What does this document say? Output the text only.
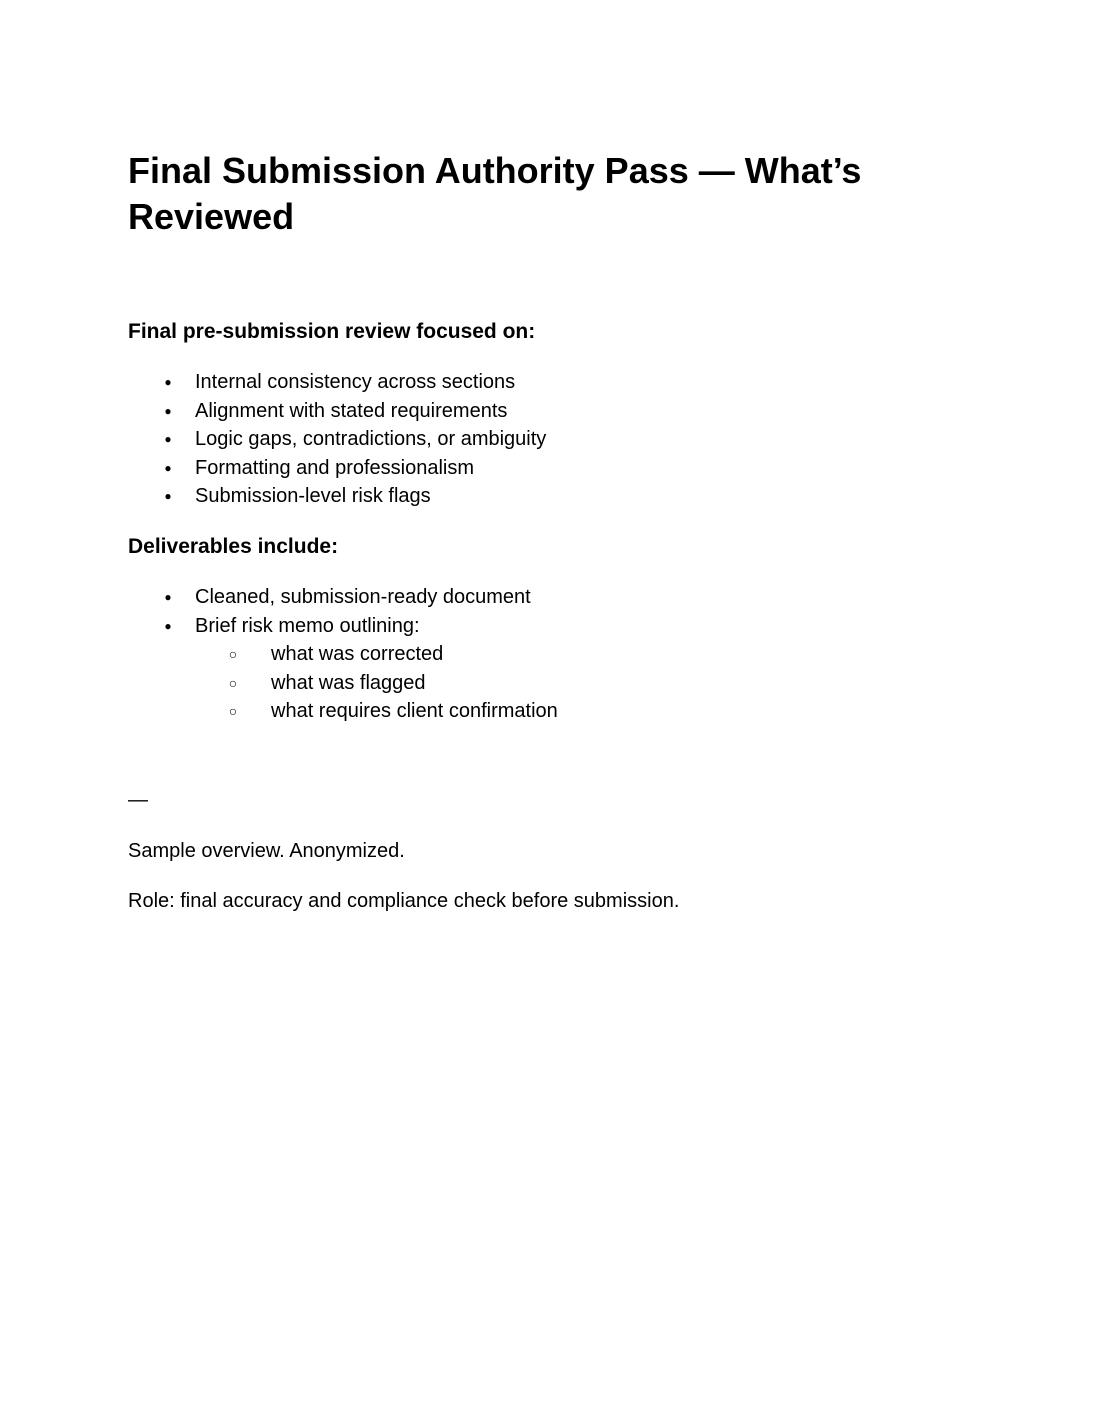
Final Submission Authority Pass — What’s Reviewed
Final pre-submission review focused on:
● Internal consistency across sections
● Alignment with stated requirements
● Logic gaps, contradictions, or ambiguity
● Formatting and professionalism
● Submission-level risk flags
Deliverables include:
● Cleaned, submission-ready document
● Brief risk memo outlining:
○ what was corrected
○ what was flagged
○ what requires client confirmation

—

Sample overview. Anonymized.

Role: final accuracy and compliance check before submission.
